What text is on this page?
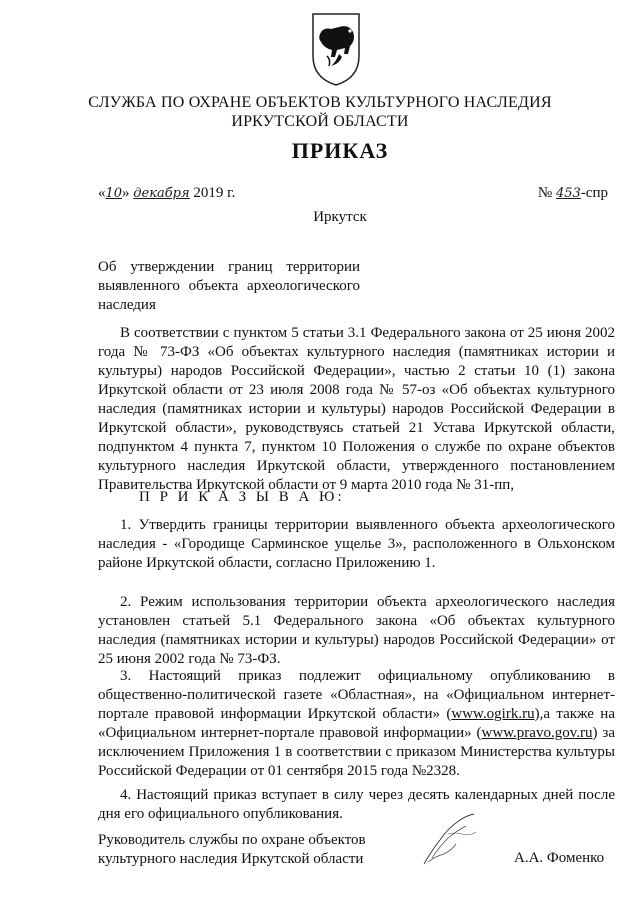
СЛУЖБА ПО ОХРАНЕ ОБЪЕКТОВ КУЛЬТУРНОГО НАСЛЕДИЯ
ИРКУТСКОЙ ОБЛАСТИ
ПРИКАЗ
«10» декабря 2019 г.	№ 453-спр
Иркутск
Об утверждении границ территории выявленного объекта археологического наследия
В соответствии с пунктом 5 статьи 3.1 Федерального закона от 25 июня 2002 года № 73-ФЗ «Об объектах культурного наследия (памятниках истории и культуры) народов Российской Федерации», частью 2 статьи 10 (1) закона Иркутской области от 23 июля 2008 года № 57-оз «Об объектах культурного наследия (памятниках истории и культуры) народов Российской Федерации в Иркутской области», руководствуясь статьей 21 Устава Иркутской области, подпунктом 4 пункта 7, пунктом 10 Положения о службе по охране объектов культурного наследия Иркутской области, утвержденного постановлением Правительства Иркутской области от 9 марта 2010 года № 31-пп,
П Р И К А З Ы В А Ю:
1. Утвердить границы территории выявленного объекта археологического наследия - «Городище Сарминское ущелье 3», расположенного в Ольхонском районе Иркутской области, согласно Приложению 1.
2. Режим использования территории объекта археологического наследия установлен статьей 5.1 Федерального закона «Об объектах культурного наследия (памятниках истории и культуры) народов Российской Федерации» от 25 июня 2002 года № 73-ФЗ.
3. Настоящий приказ подлежит официальному опубликованию в общественно-политической газете «Областная», на «Официальном интернет-портале правовой информации Иркутской области» (www.ogirk.ru),а также на «Официальном интернет-портале правовой информации» (www.pravo.gov.ru) за исключением Приложения 1 в соответствии с приказом Министерства культуры Российской Федерации от 01 сентября 2015 года №2328.
4. Настоящий приказ вступает в силу через десять календарных дней после дня его официального опубликования.
Руководитель службы по охране объектов
культурного наследия Иркутской области	А.А. Фоменко
